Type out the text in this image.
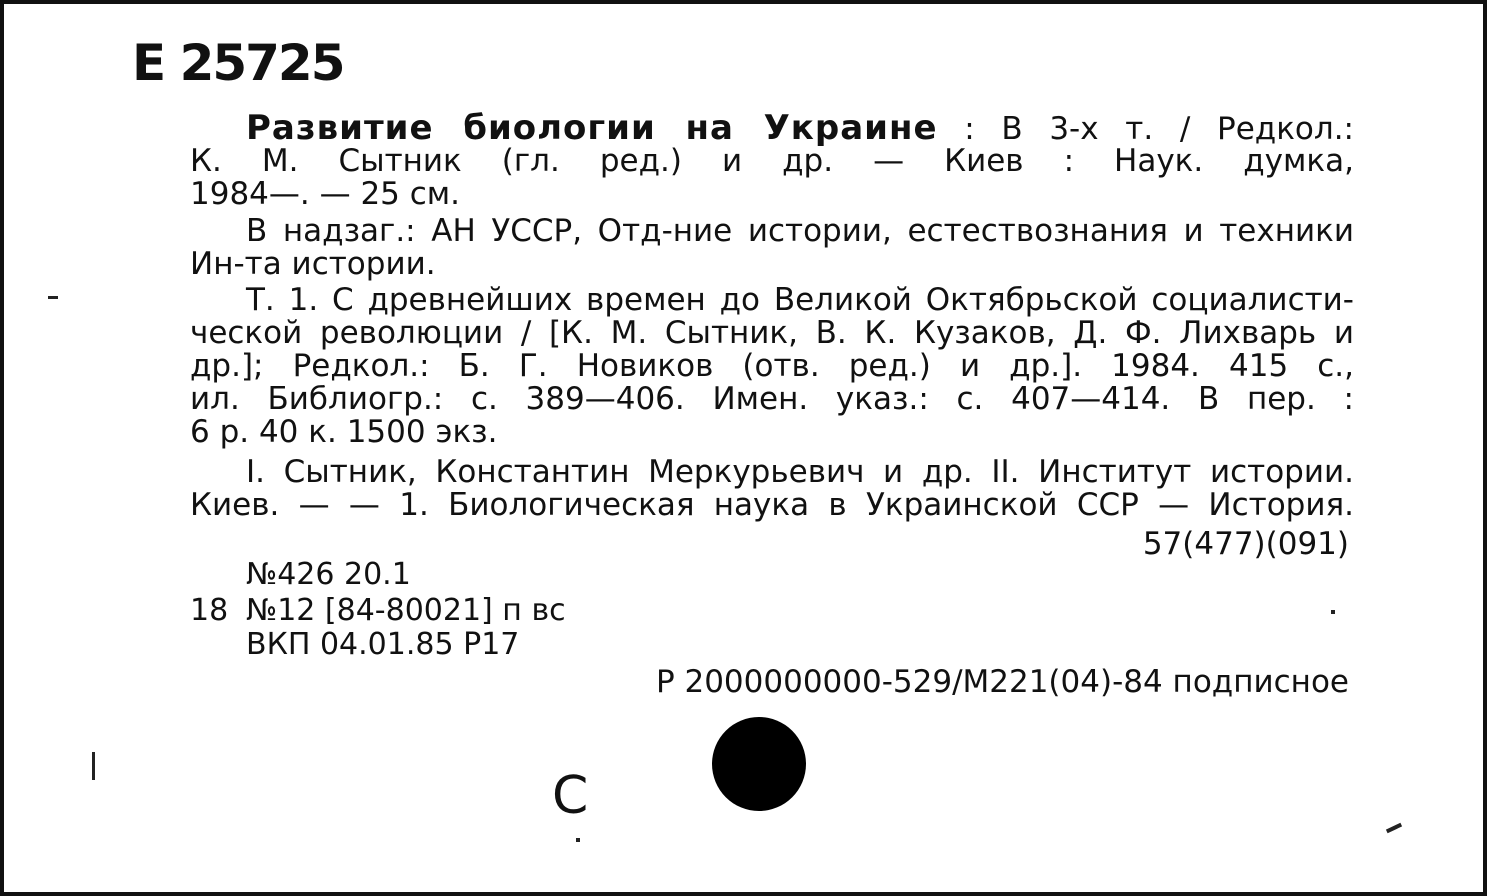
Е 25725
Развитие биологии на Украине : В 3-х т. / Редкол.:
К. М. Сытник (гл. ред.) и др. — Киев : Наук. думка,
1984—. — 25 см.
В надзаг.: АН УССР, Отд-ние истории, естествознания и техники
Ин-та истории.
Т. 1. С древнейших времен до Великой Октябрьской социалисти-
ческой революции / [К. М. Сытник, В. К. Кузаков, Д. Ф. Лихварь и
др.]; Редкол.: Б. Г. Новиков (отв. ред.) и др.]. 1984. 415 с.,
ил. Библиогр.: с. 389—406. Имен. указ.: с. 407—414. В пер. :
6 р. 40 к. 1500 экз.
I. Сытник, Константин Меркурьевич и др. II. Институт истории.
Киев. — — 1. Биологическая наука в Украинской ССР — История.
57(477)(091)
№426 20.1
18 №12 [84-80021] п вс
ВКП 04.01.85 Р17
Р 2000000000-529/М221(04)-84 подписное
С
